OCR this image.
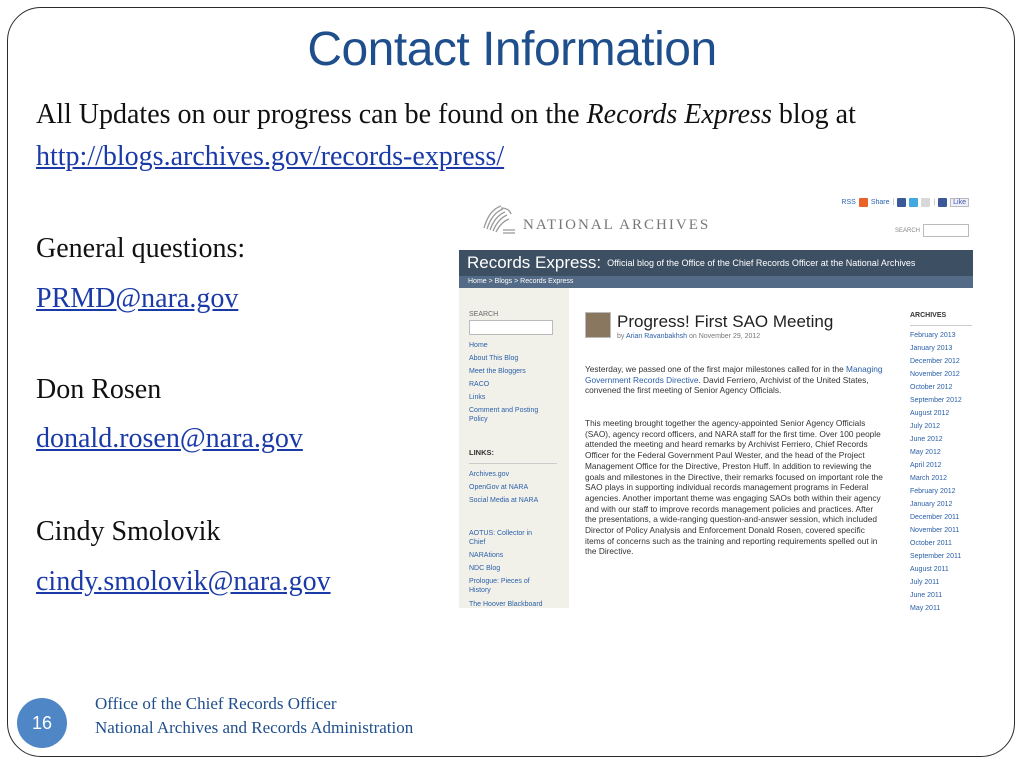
Contact Information
All Updates on our progress can be found on the Records Express blog at
http://blogs.archives.gov/records-express/
General questions:
PRMD@nara.gov
Don Rosen
donald.rosen@nara.gov
Cindy Smolovik
cindy.smolovik@nara.gov
Office of the Chief Records Officer
National Archives and Records Administration
16
RSS Share |	|	Like
NATIONAL ARCHIVES	SEARCH
Records Express: Official blog of the Office of the Chief Records Officer at the National Archives
Home > Blogs > Records Express
SEARCH
Home
About This Blog
Meet the Bloggers
RACO
Links
Comment and Posting Policy
LINKS:
Archives.gov
OpenGov at NARA
Social Media at NARA
AOTUS: Collector in Chief
NARAtions
NDC Blog
Prologue: Pieces of History
The Hoover Blackboard
Progress! First SAO Meeting
by Arian Ravanbakhsh on November 29, 2012
Yesterday, we passed one of the first major milestones called for in the Managing Government Records Directive. David Ferriero, Archivist of the United States, convened the first meeting of Senior Agency Officials.
This meeting brought together the agency-appointed Senior Agency Officials (SAO), agency record officers, and NARA staff for the first time. Over 100 people attended the meeting and heard remarks by Archivist Ferriero, Chief Records Officer for the Federal Government Paul Wester, and the head of the Project Management Office for the Directive, Preston Huff. In addition to reviewing the goals and milestones in the Directive, their remarks focused on important role the SAO plays in supporting individual records management programs in Federal agencies. Another important theme was engaging SAOs both within their agency and with our staff to improve records management policies and practices. After the presentations, a wide-ranging question-and-answer session, which included Director of Policy Analysis and Enforcement Donald Rosen, covered specific items of concerns such as the training and reporting requirements spelled out in the Directive.
ARCHIVES
February 2013
January 2013
December 2012
November 2012
October 2012
September 2012
August 2012
July 2012
June 2012
May 2012
April 2012
March 2012
February 2012
January 2012
December 2011
November 2011
October 2011
September 2011
August 2011
July 2011
June 2011
May 2011
